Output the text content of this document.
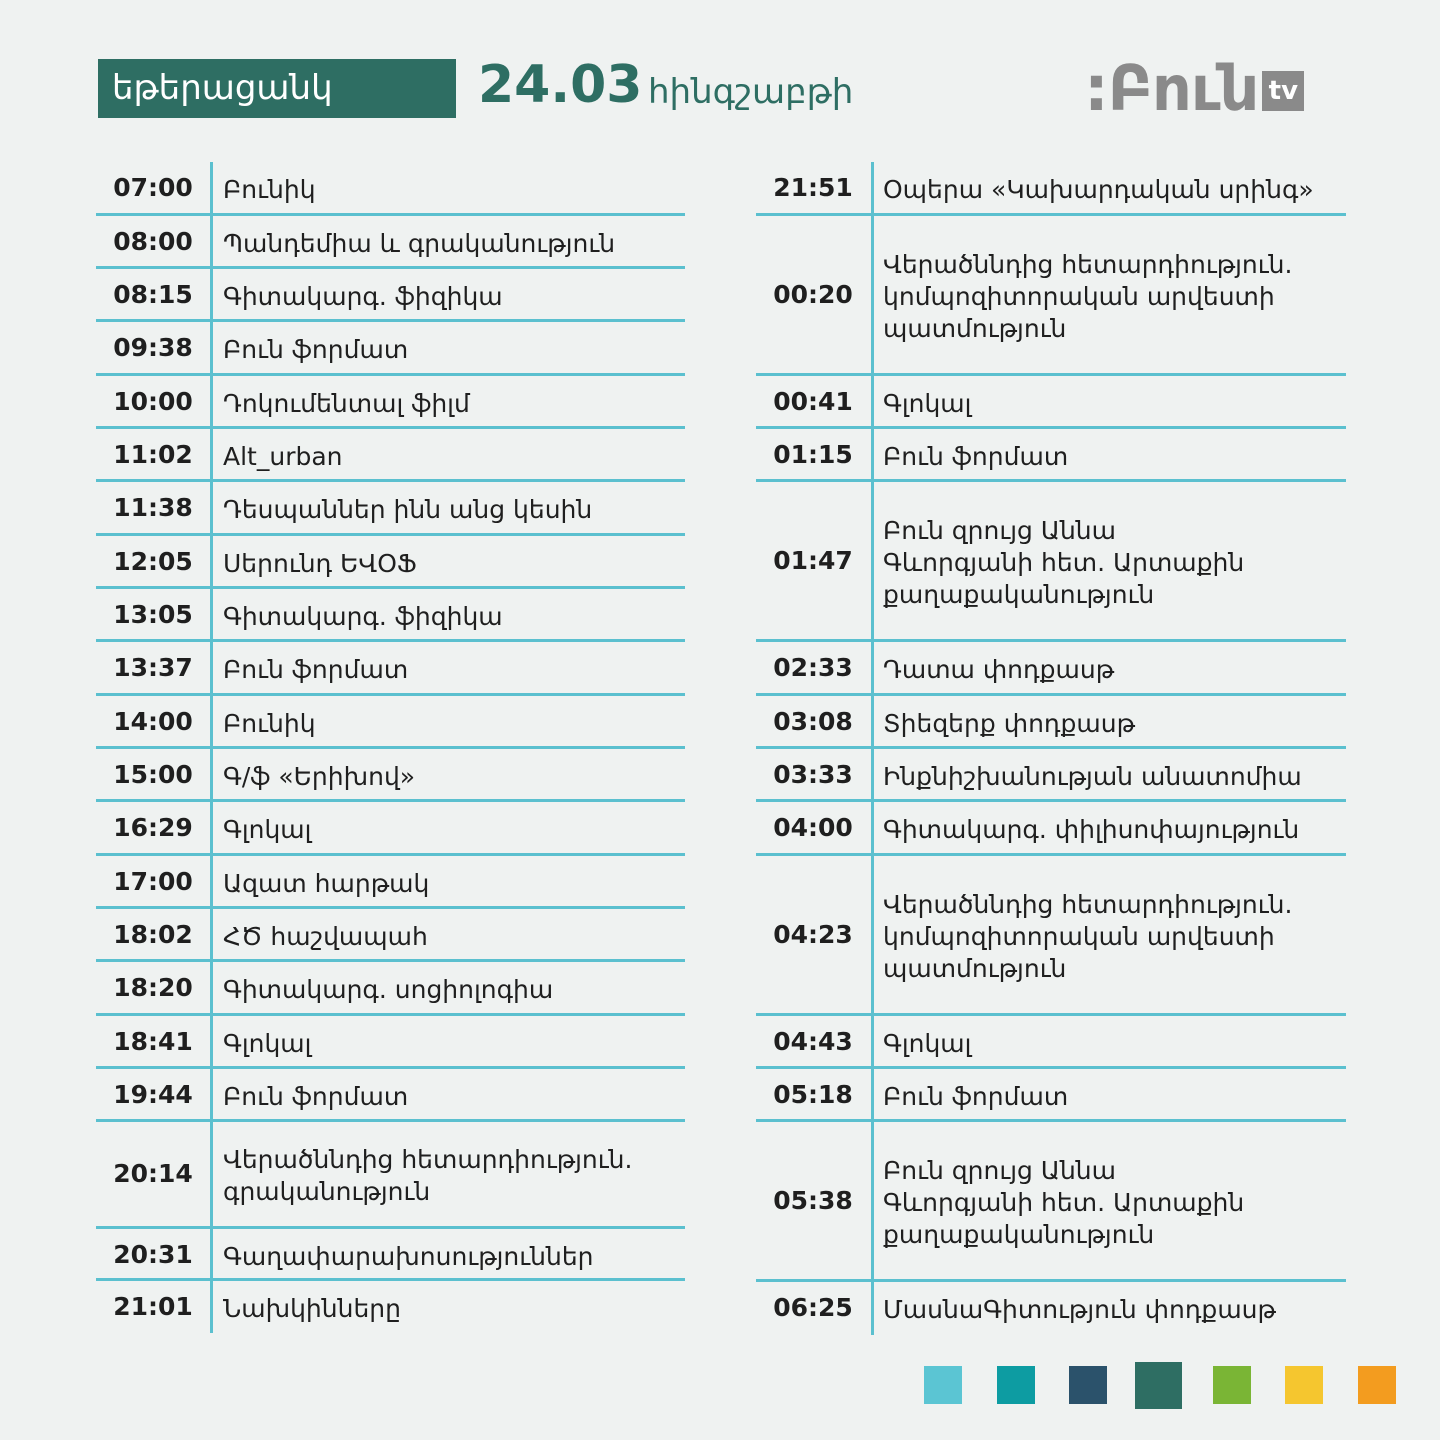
եթերացանկ	24.03 հինգշաբթի	:Բուն tv
07:00	Բունիկ
08:00	Պանդեմիա և գրականություն
08:15	Գիտակարգ. ֆիզիկա
09:38	Բուն ֆորմատ
10:00	Դոկումենտալ ֆիլմ
11:02	Alt_urban
11:38	Դեսպաններ ինն անց կեսին
12:05	Սերունդ ԵՎՕՖ
13:05	Գիտակարգ. ֆիզիկա
13:37	Բուն ֆորմատ
14:00	Բունիկ
15:00	Գ/ֆ «Երիխով»
16:29	Գլոկալ
17:00	Ազատ հարթակ
18:02	ՀԾ հաշվապահ
18:20	Գիտակարգ. սոցիոլոգիա
18:41	Գլոկալ
19:44	Բուն ֆորմատ
20:14	Վերածննդից հետարդիություն.
գրականություն
20:31	Գաղափարախոսություններ
21:01	Նախկինները
21:51	Օպերա «Կախարդական սրինգ»
00:20
Վերածննդից հետարդիություն.
կոմպոզիտորական արվեստի
պատմություն
00:41	Գլոկալ
01:15	Բուն ֆորմատ
01:47
Բուն զրույց Աննա
Գևորգյանի հետ. Արտաքին
քաղաքականություն
02:33	Դատա փոդքասթ
03:08	Տիեզերք փոդքասթ
03:33	Ինքնիշխանության անատոմիա
04:00	Գիտակարգ. փիլիսոփայություն
04:23
Վերածննդից հետարդիություն.
կոմպոզիտորական արվեստի
պատմություն
04:43	Գլոկալ
05:18	Բուն ֆորմատ
05:38
Բուն զրույց Աննա
Գևորգյանի հետ. Արտաքին
քաղաքականություն
06:25	ՄասնաԳիտություն փոդքասթ
